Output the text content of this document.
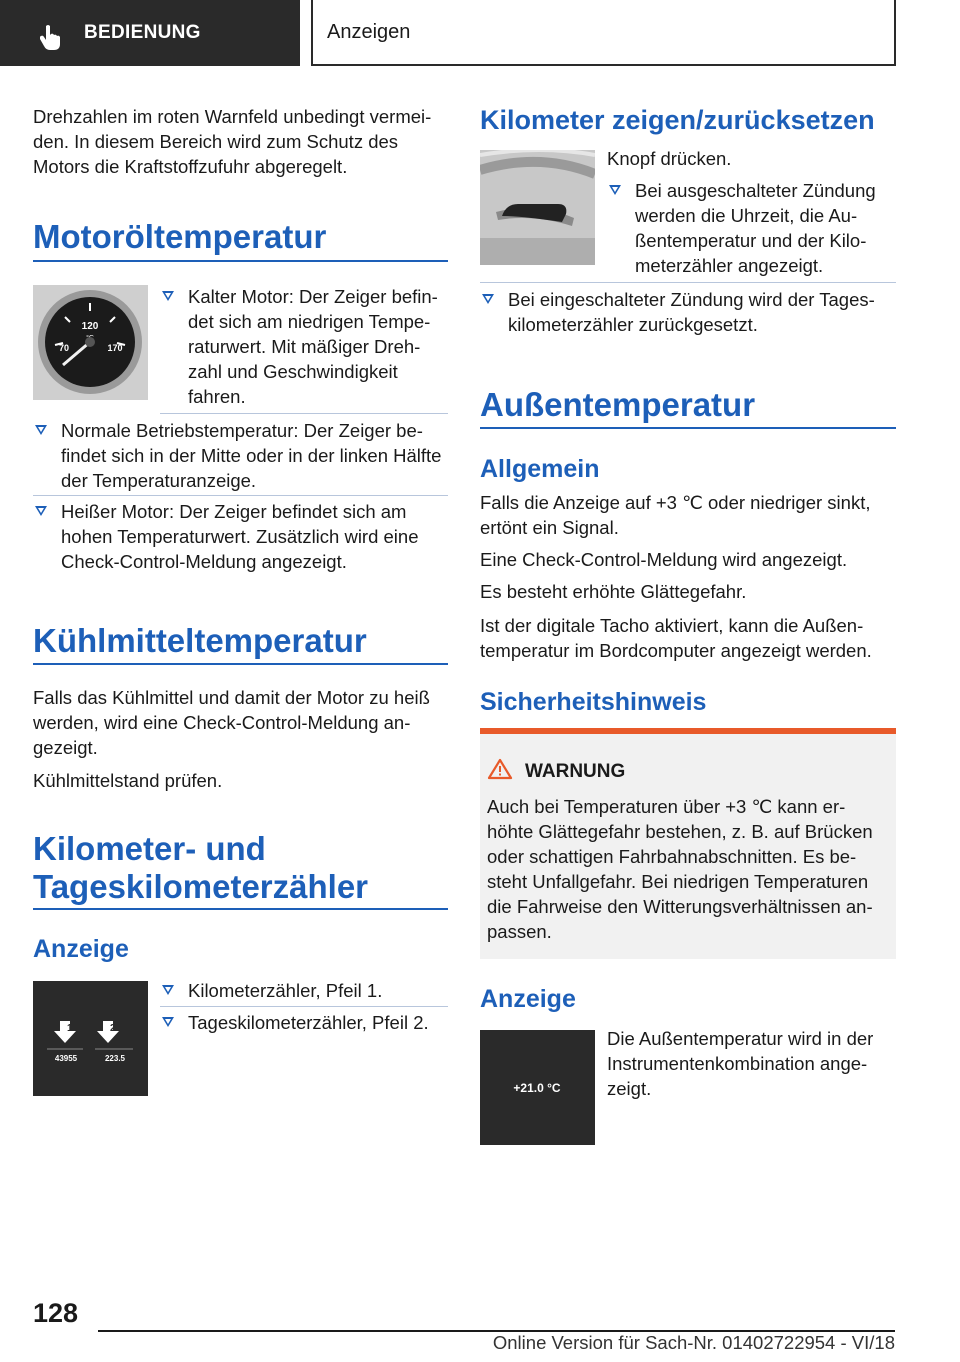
BEDIENUNG	Anzeigen

Drehzahlen im roten Warnfeld unbedingt vermei-den. In diesem Bereich wird zum Schutz des Motors die Kraftstoffzufuhr abgeregelt.

Motoröltemperatur
120
70	170
Kalter Motor: Der Zeiger befin-det sich am niedrigen Tempe-raturwert. Mit mäßiger Dreh-zahl und Geschwindigkeit fahren.
Normale Betriebstemperatur: Der Zeiger be-findet sich in der Mitte oder in der linken Hälfte der Temperaturanzeige.
Heißer Motor: Der Zeiger befindet sich am hohen Temperaturwert. Zusätzlich wird eine Check-Control-Meldung angezeigt.
Kühlmitteltemperatur

Falls das Kühlmittel und damit der Motor zu heiß werden, wird eine Check-Control-Meldung an-gezeigt.

Kühlmittelstand prüfen.

Kilometer- und
Tageskilometerzähler
Anzeige
1	2
43955	223.5
Kilometerzähler, Pfeil 1.
Tageskilometerzähler, Pfeil 2.
Kilometer zeigen/zurücksetzen

Knopf drücken.

Bei ausgeschalteter Zündung werden die Uhrzeit, die Au-ßentemperatur und der Kilo-meterzähler angezeigt.
Bei eingeschalteter Zündung wird der Tages-kilometerzähler zurückgesetzt.
Außentemperatur
Allgemein

Falls die Anzeige auf +3 ℃ oder niedriger sinkt, ertönt ein Signal.

Eine Check-Control-Meldung wird angezeigt.

Es besteht erhöhte Glättegefahr.

Ist der digitale Tacho aktiviert, kann die Außen-temperatur im Bordcomputer angezeigt werden.

Sicherheitshinweis
WARNUNG

Auch bei Temperaturen über +3 ℃ kann er-höhte Glättegefahr bestehen, z. B. auf Brücken oder schattigen Fahrbahnabschnitten. Es be-steht Unfallgefahr. Bei niedrigen Temperaturen die Fahrweise den Witterungsverhältnissen an-passen.

Anzeige
+21.0 °C

Die Außentemperatur wird in der Instrumentenkombination ange-zeigt.

128
Online Version für Sach-Nr. 01402722954 - VI/18
